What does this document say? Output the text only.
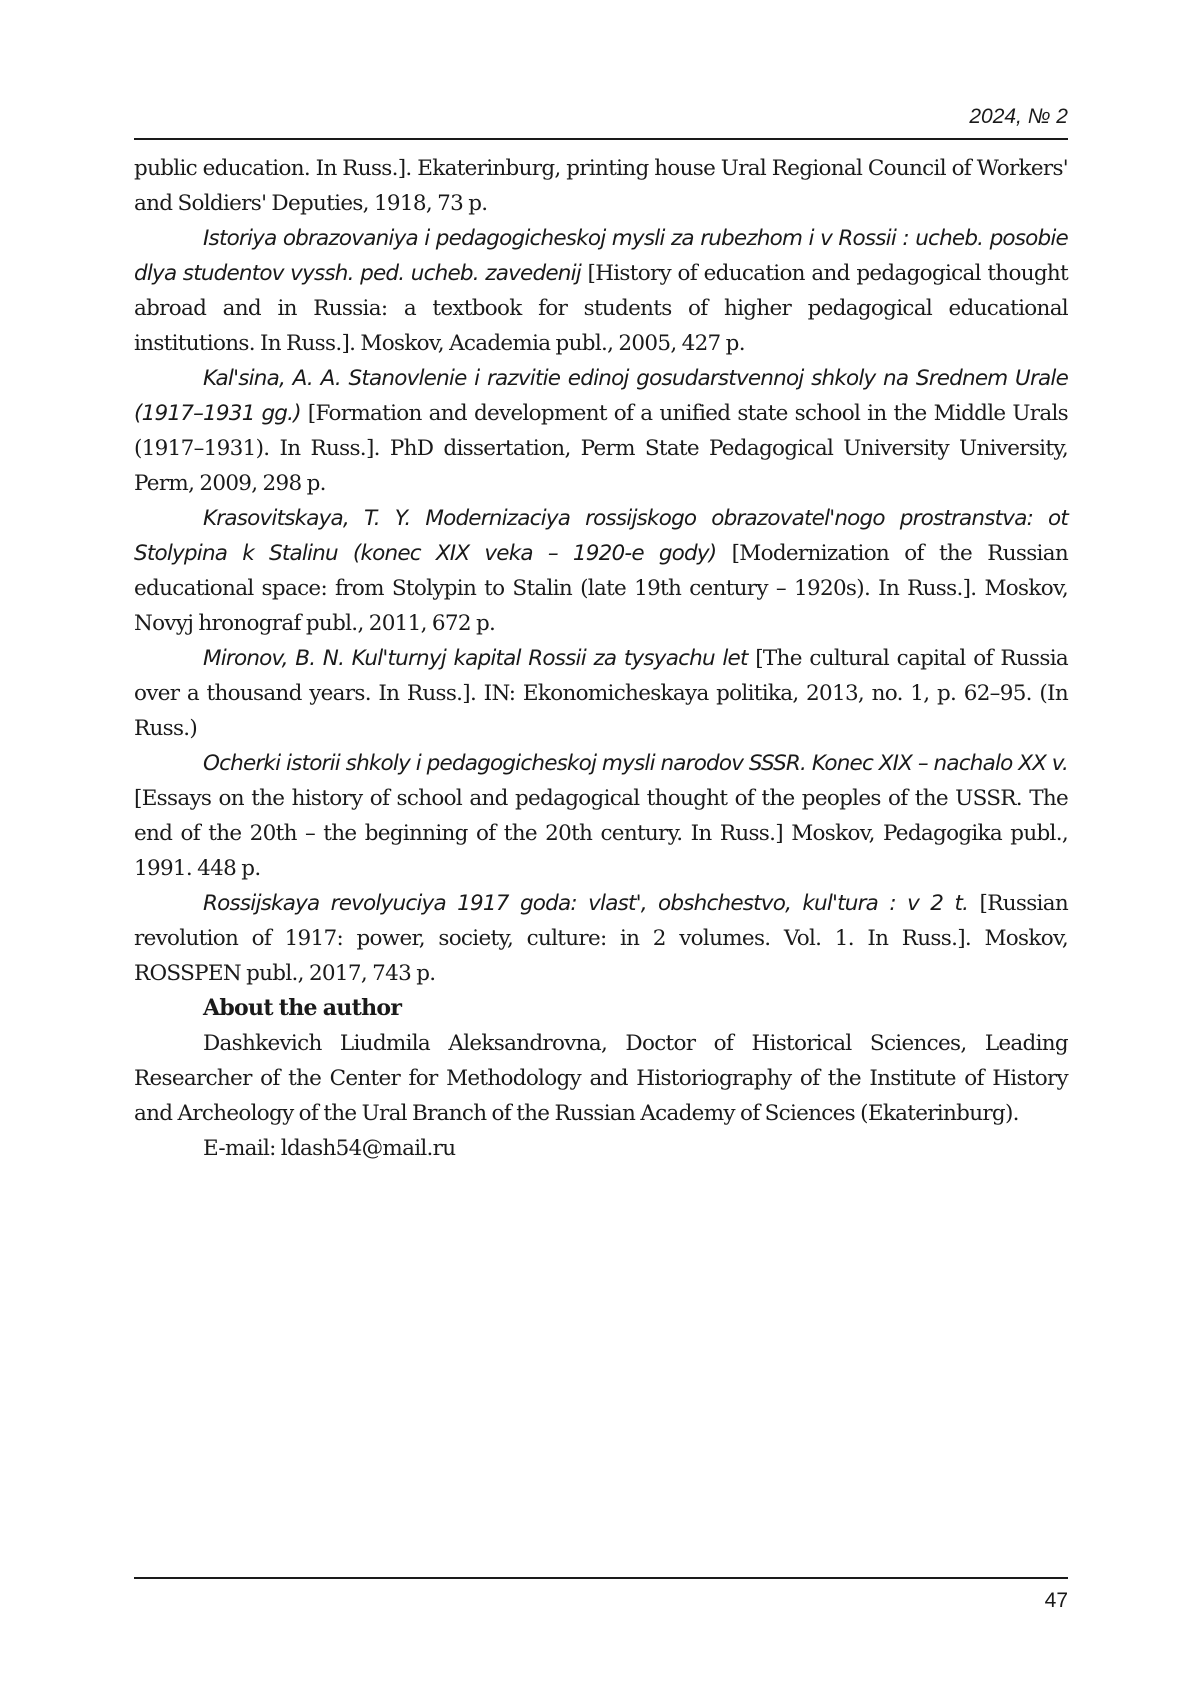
2024, № 2

public education. In Russ.]. Ekaterinburg, printing house Ural Regional Council of Workers' and Soldiers' Deputies, 1918, 73 p.

Istoriya obrazovaniya i pedagogicheskoj mysli za rubezhom i v Rossii : ucheb. posobie dlya studentov vyssh. ped. ucheb. zavedenij [History of education and pedagogical thought abroad and in Russia: a textbook for students of higher pedagogical educational institutions. In Russ.]. Moskov, Academia publ., 2005, 427 p.

Kal'sina, A. A. Stanovlenie i razvitie edinoj gosudarstvennoj shkoly na Srednem Urale (1917–1931 gg.) [Formation and development of a unified state school in the Middle Urals (1917–1931). In Russ.]. PhD dissertation, Perm State Pedagogical University University, Perm, 2009, 298 p.

Krasovitskaya, T. Y. Modernizaciya rossijskogo obrazovatel'nogo prostranstva: ot Stolypina k Stalinu (konec XIX veka – 1920-e gody) [Modernization of the Russian educational space: from Stolypin to Stalin (late 19th century – 1920s). In Russ.]. Moskov, Novyj hronograf publ., 2011, 672 p.

Mironov, B. N. Kul'turnyj kapital Rossii za tysyachu let [The cultural capital of Russia over a thousand years. In Russ.]. IN: Ekonomicheskaya politika, 2013, no. 1, p. 62–95. (In Russ.)

Ocherki istorii shkoly i pedagogicheskoj mysli narodov SSSR. Konec XIX – nachalo XX v. [Essays on the history of school and pedagogical thought of the peoples of the USSR. The end of the 20th – the beginning of the 20th century. In Russ.] Moskov, Pedagogika publ., 1991. 448 p.

Rossijskaya revolyuciya 1917 goda: vlast', obshchestvo, kul'tura : v 2 t. [Russian revolution of 1917: power, society, culture: in 2 volumes. Vol. 1. In Russ.]. Moskov, ROSSPEN publ., 2017, 743 p.

About the author

Dashkevich Liudmila Aleksandrovna, Doctor of Historical Sciences, Leading Researcher of the Center for Methodology and Historiography of the Institute of History and Archeology of the Ural Branch of the Russian Academy of Sciences (Ekaterinburg).

E-mail: ldash54@mail.ru

47
